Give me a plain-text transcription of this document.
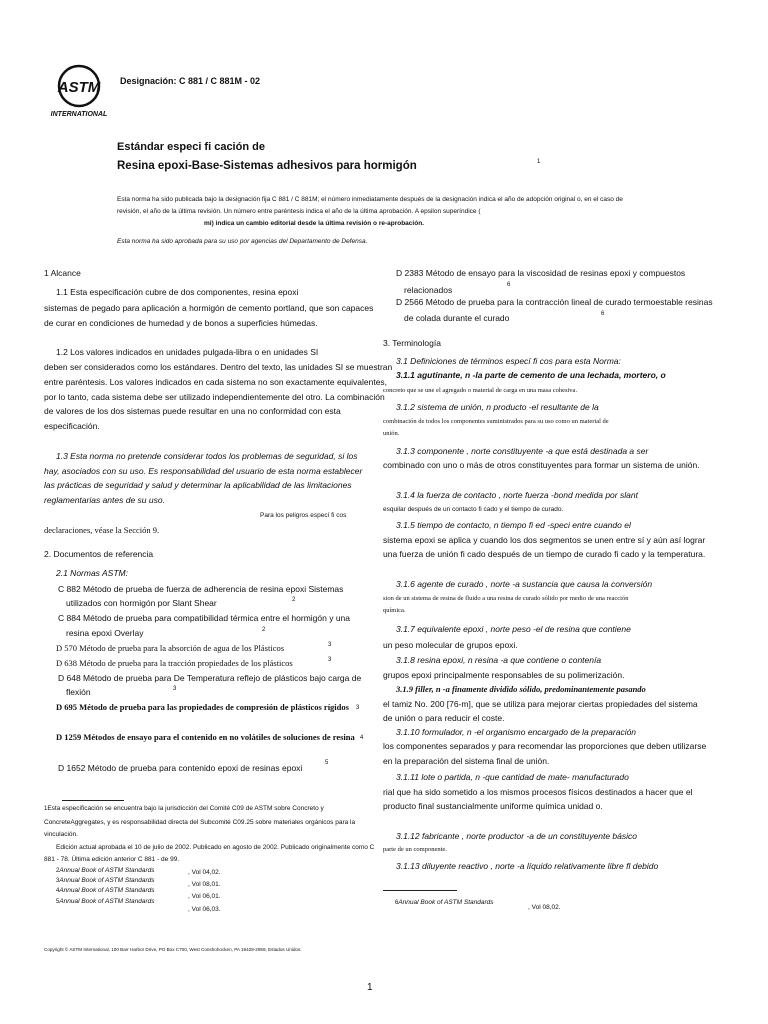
ASTM
INTERNATIONAL
Designación: C 881 / C 881M - 02
Estándar especi fi cación de
Resina epoxi-Base-Sistemas adhesivos para hormigón	1
Esta norma ha sido publicada bajo la designación fija C 881 / C 881M; el número inmediatamente después de la designación indica el año de adopción original o, en el caso de
revisión, el año de la última revisión. Un número entre paréntesis indica el año de la última aprobación. A epsilon superíndice (
mi) indica un cambio editorial desde la última revisión o re-aprobación.
Esta norma ha sido aprobada para su uso por agencias del Departamento de Defensa.
1 Alcance
1.1 Esta especificación cubre de dos componentes, resina epoxi
sistemas de pegado para aplicación a hormigón de cemento portland, que son capaces
de curar en condiciones de humedad y de bonos a superficies húmedas.
1.2 Los valores indicados en unidades pulgada-libra o en unidades SI
deben ser considerados como los estándares. Dentro del texto, las unidades SI se muestran
entre paréntesis. Los valores indicados en cada sistema no son exactamente equivalentes,
por lo tanto, cada sistema debe ser utilizado independientemente del otro. La combinación
de valores de los dos sistemas puede resultar en una no conformidad con esta
especificación.
1.3 Esta norma no pretende considerar todos los problemas de seguridad, si los
hay, asociados con su uso. Es responsabilidad del usuario de esta norma establecer
las prácticas de seguridad y salud y determinar la aplicabilidad de las limitaciones
reglamentarias antes de su uso.
Para los peligros especí fi cos
declaraciones, véase la Sección 9.
2. Documentos de referencia
2.1 Normas ASTM:
C 882 Método de prueba de fuerza de adherencia de resina epoxi Sistemas
utilizados con hormigón por Slant Shear	2
C 884 Método de prueba para compatibilidad térmica entre el hormigón y una
resina epoxi Overlay	2
D 570 Método de prueba para la absorción de agua de los Plásticos	3
D 638 Método de prueba para la tracción propiedades de los plásticos	3
D 648 Método de prueba para De Temperatura reflejo de plásticos bajo carga de
flexión	3
D 695 Método de prueba para las propiedades de compresión de plásticos rígidos 3
D 1259 Métodos de ensayo para el contenido en no volátiles de soluciones de resina 4
D 1652 Método de prueba para contenido epoxi de resinas epoxi	5
1Esta especificación se encuentra bajo la jurisdicción del Comité C09 de ASTM sobre Concreto y
ConcreteAggregates, y es responsabilidad directa del Subcomité C09.25 sobre materiales orgánicos para la
vinculación.
Edición actual aprobada el 10 de julio de 2002. Publicado en agosto de 2002. Publicado originalmente como C
881 - 78. Última edición anterior C 881 - de 99.
2Annual Book of ASTM Standards	, Vol 04,02.
3Annual Book of ASTM Standards
, Vol 08,01.
4Annual Book of ASTM Standards
, Vol 06,01.
5Annual Book of ASTM Standards
, Vol 06,03.
D 2383 Método de ensayo para la viscosidad de resinas epoxi y compuestos
relacionados	6
D 2566 Método de prueba para la contracción lineal de curado termoestable resinas
de colada durante el curado	6
3. Terminología
3.1 Definiciones de términos especí fi cos para esta Norma:
3.1.1 agutinante, n -la parte de cemento de una lechada, mortero, o
concreto que se une el agregado o material de carga en una masa cohesiva.
3.1.2 sistema de unión, n producto -el resultante de la
combinación de todos los componentes suministrados para su uso como un material de
unión.
3.1.3 componente , norte constituyente -a que está destinada a ser
combinado con uno o más de otros constituyentes para formar un sistema de unión.
3.1.4 la fuerza de contacto , norte fuerza -bond medida por slant
esquilar después de un contacto fi cado y el tiempo de curado.
3.1.5 tiempo de contacto, n tiempo fi ed -speci entre cuando el
sistema epoxi se aplica y cuando los dos segmentos se unen entre sí y aún así lograr
una fuerza de unión fi cado después de un tiempo de curado fi cado y la temperatura.
3.1.6 agente de curado , norte -a sustancia que causa la conversión
sion de un sistema de resina de fluido a una resina de curado sólido por medio de una reacción
química.
3.1.7 equivalente epoxi , norte peso -el de resina que contiene
un peso molecular de grupos epoxi.
3.1.8 resina epoxi, n resina -a que contiene o contenía
grupos epoxi principalmente responsables de su polimerización.
3.1.9 filler, n -a finamente dividido sólido, predominantemente pasando
el tamiz No. 200 [76-m], que se utiliza para mejorar ciertas propiedades del sistema
de unión o para reducir el coste.
3.1.10 formulador, n -el organismo encargado de la preparación
los componentes separados y para recomendar las proporciones que deben utilizarse
en la preparación del sistema final de unión.
3.1.11 lote o partida, n -que cantidad de mate- manufacturado
rial que ha sido sometido a los mismos procesos físicos destinados a hacer que el
producto final sustancialmente uniforme química unidad o.
3.1.12 fabricante , norte productor -a de un constituyente básico
parte de un componente.
3.1.13 diluyente reactivo , norte -a líquido relativamente libre fl debido
6Annual Book of ASTM Standards
, Vol 08,02.
Copyright © ASTM International, 100 Barr Harbor Drive, PO Box C700, West Conshohocken, PA 19428-2959, Estados Unidos.
1
